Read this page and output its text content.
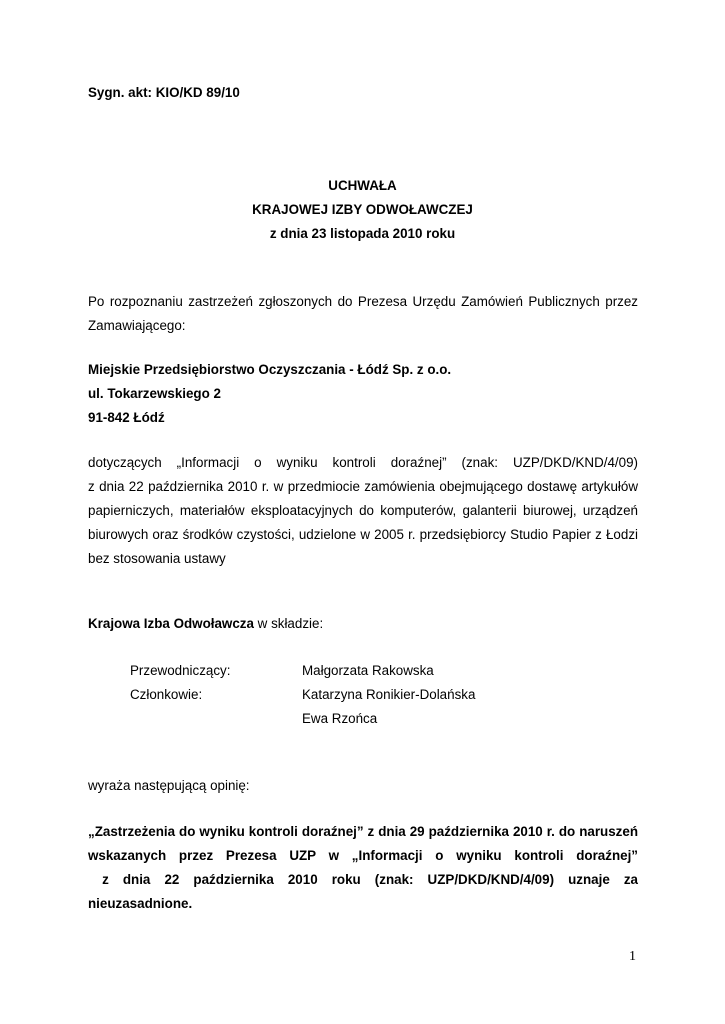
Sygn. akt: KIO/KD 89/10
UCHWAŁA
KRAJOWEJ IZBY ODWOŁAWCZEJ
z dnia 23 listopada 2010 roku
Po rozpoznaniu zastrzeżeń zgłoszonych do Prezesa Urzędu Zamówień Publicznych przez
Zamawiającego:
Miejskie Przedsiębiorstwo Oczyszczania - Łódź Sp. z o.o.
ul. Tokarzewskiego 2
91-842 Łódź
dotyczących „Informacji o wyniku kontroli doraźnej” (znak: UZP/DKD/KND/4/09)
z dnia 22 października 2010 r. w przedmiocie zamówienia obejmującego dostawę artykułów
papierniczych, materiałów eksploatacyjnych do komputerów, galanterii biurowej, urządzeń
biurowych oraz środków czystości, udzielone w 2005 r. przedsiębiorcy Studio Papier z Łodzi
bez stosowania ustawy
Krajowa Izba Odwoławcza w składzie:
Przewodniczący:	Małgorzata Rakowska
Członkowie:	Katarzyna Ronikier-Dolańska
Ewa Rzońca
wyraża następującą opinię:
„Zastrzeżenia do wyniku kontroli doraźnej” z dnia 29 października 2010 r. do naruszeń
wskazanych przez Prezesa UZP w „Informacji o wyniku kontroli doraźnej”
z dnia 22 października 2010 roku (znak: UZP/DKD/KND/4/09) uznaje za
nieuzasadnione.
1
